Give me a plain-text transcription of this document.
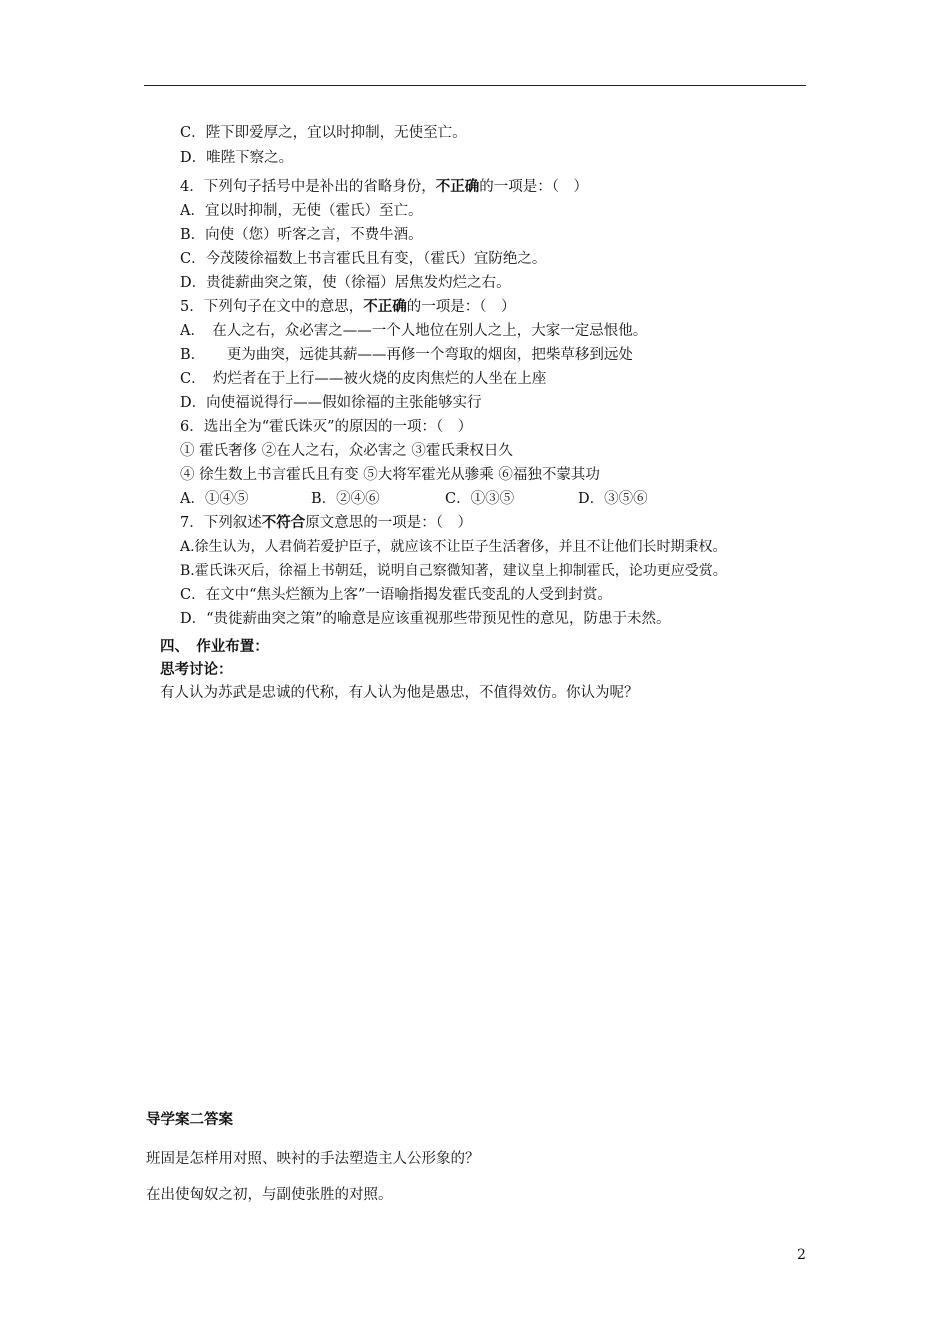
C．陛下即爱厚之，宜以时抑制，无使至亡。
D．唯陛下察之。
4．下列句子括号中是补出的省略身份，不正确的一项是：（　）
A．宜以时抑制，无使（霍氏）至亡。
B．向使（您）听客之言，不费牛酒。
C．今茂陵徐福数上书言霍氏且有变，（霍氏）宜防绝之。
D．贵徙薪曲突之策，使（徐福）居焦发灼烂之右。
5．下列句子在文中的意思，不正确的一项是：（　）
A．　在人之右，众必害之——一个人地位在别人之上，大家一定忌恨他。
B．　　更为曲突，远徙其薪——再修一个弯取的烟囱，把柴草移到远处
C．　灼烂者在于上行——被火烧的皮肉焦烂的人坐在上座
D．向使福说得行——假如徐福的主张能够实行
6．选出全为“霍氏诛灭”的原因的一项：（　）
① 霍氏奢侈 ②在人之右，众必害之 ③霍氏秉权日久
④ 徐生数上书言霍氏且有变 ⑤大将军霍光从骖乘 ⑥福独不蒙其功
A．①④⑤	B．②④⑥	C．①③⑤	D．③⑤⑥
7．下列叙述不符合原文意思的一项是：（　）
A.徐生认为，人君倘若爱护臣子，就应该不让臣子生活奢侈，并且不让他们长时期秉权。
B.霍氏诛灭后，徐福上书朝廷，说明自己察微知著，建议皇上抑制霍氏，论功更应受赏。
C．在文中“焦头烂额为上客”一语喻指揭发霍氏变乱的人受到封赏。
D．“贵徙薪曲突之策”的喻意是应该重视那些带预见性的意见，防患于未然。
四、　作业布置：
思考讨论：
有人认为苏武是忠诚的代称，有人认为他是愚忠，不值得效仿。你认为呢？
导学案二答案
班固是怎样用对照、映衬的手法塑造主人公形象的？
在出使匈奴之初，与副使张胜的对照。
2
